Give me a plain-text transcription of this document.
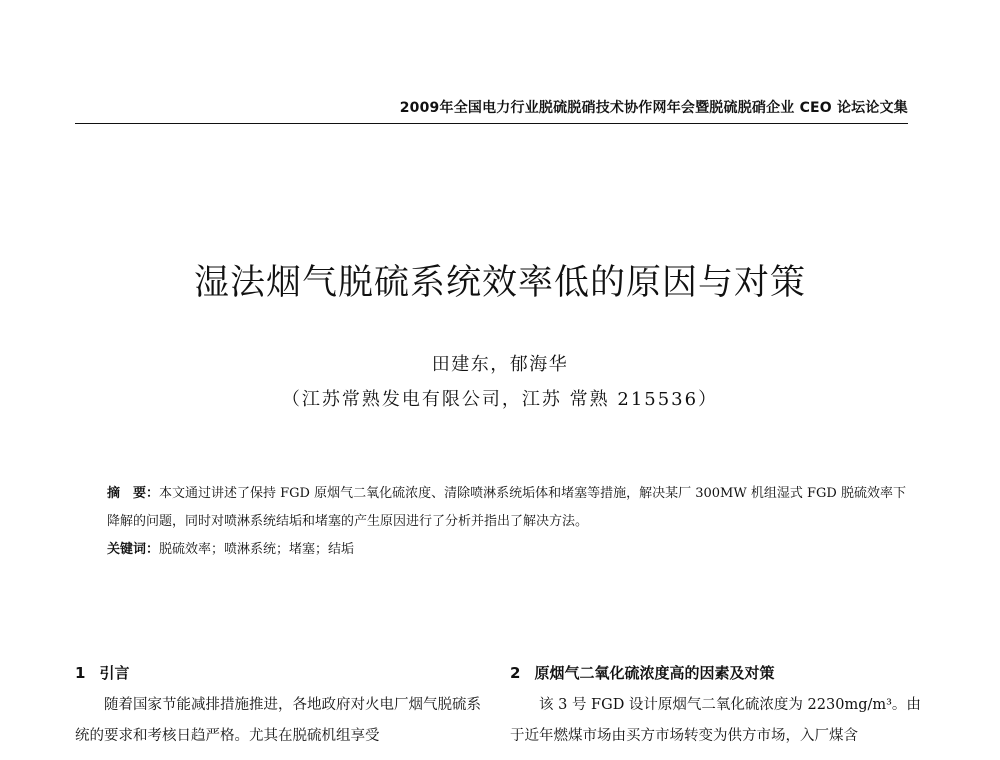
2009年全国电力行业脱硫脱硝技术协作网年会暨脱硫脱硝企业 CEO 论坛论文集
湿法烟气脱硫系统效率低的原因与对策
田建东，郁海华
（江苏常熟发电有限公司，江苏 常熟 215536）
摘　要：本文通过讲述了保持 FGD 原烟气二氧化硫浓度、清除喷淋系统垢体和堵塞等措施，解决某厂 300MW 机组湿式 FGD 脱硫效率下降解的问题，同时对喷淋系统结垢和堵塞的产生原因进行了分析并指出了解决方法。
关键词：脱硫效率；喷淋系统；堵塞；结垢
1 引言

随着国家节能减排措施推进，各地政府对火电厂烟气脱硫系统的要求和考核日趋严格。尤其在脱硫机组享受

2 原烟气二氧化硫浓度高的因素及对策

该 3 号 FGD 设计原烟气二氧化硫浓度为 2230mg/m³。由于近年燃煤市场由买方市场转变为供方市场，入厂煤含
